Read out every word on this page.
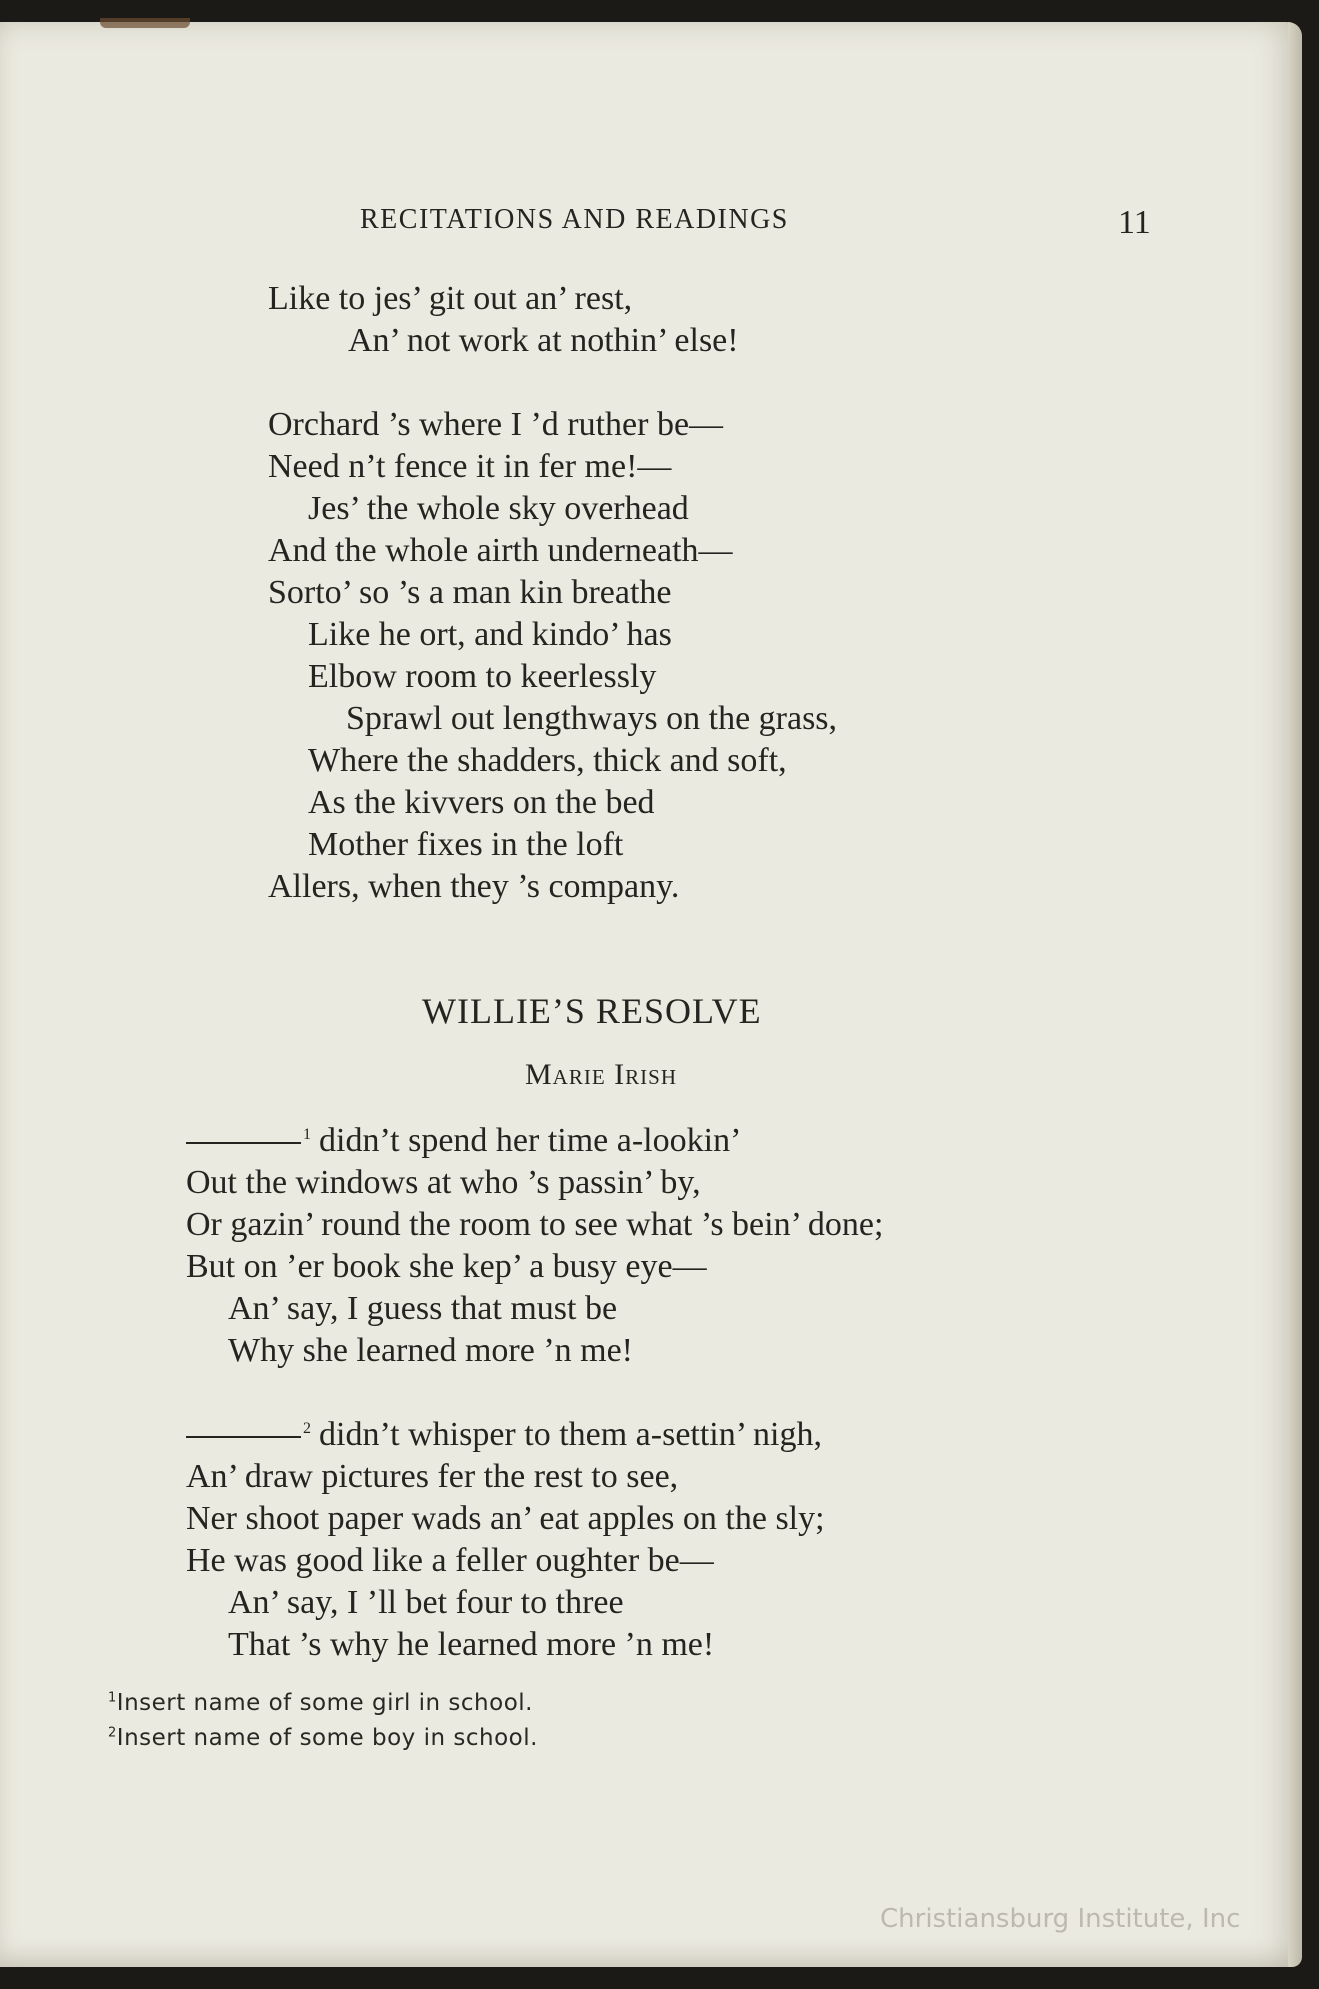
RECITATIONS AND READINGS	11
Like to jes’ git out an’ rest,
An’ not work at nothin’ else!
Orchard ’s where I ’d ruther be—
Need n’t fence it in fer me!—
Jes’ the whole sky overhead
And the whole airth underneath—
Sorto’ so ’s a man kin breathe
Like he ort, and kindo’ has
Elbow room to keerlessly
Sprawl out lengthways on the grass,
Where the shadders, thick and soft,
As the kivvers on the bed
Mother fixes in the loft
Allers, when they ’s company.
WILLIE’S RESOLVE
Marie Irish
$^1$ didn’t spend her time a-lookin’
Out the windows at who ’s passin’ by,
Or gazin’ round the room to see what ’s bein’ done;
But on ’er book she kep’ a busy eye—
An’ say, I guess that must be
Why she learned more ’n me!
$^2$ didn’t whisper to them a-settin’ nigh,
An’ draw pictures fer the rest to see,
Ner shoot paper wads an’ eat apples on the sly;
He was good like a feller oughter be—
An’ say, I ’ll bet four to three
That ’s why he learned more ’n me!
$^1$Insert name of some girl in school.
$^2$Insert name of some boy in school.
Christiansburg Institute, Inc
